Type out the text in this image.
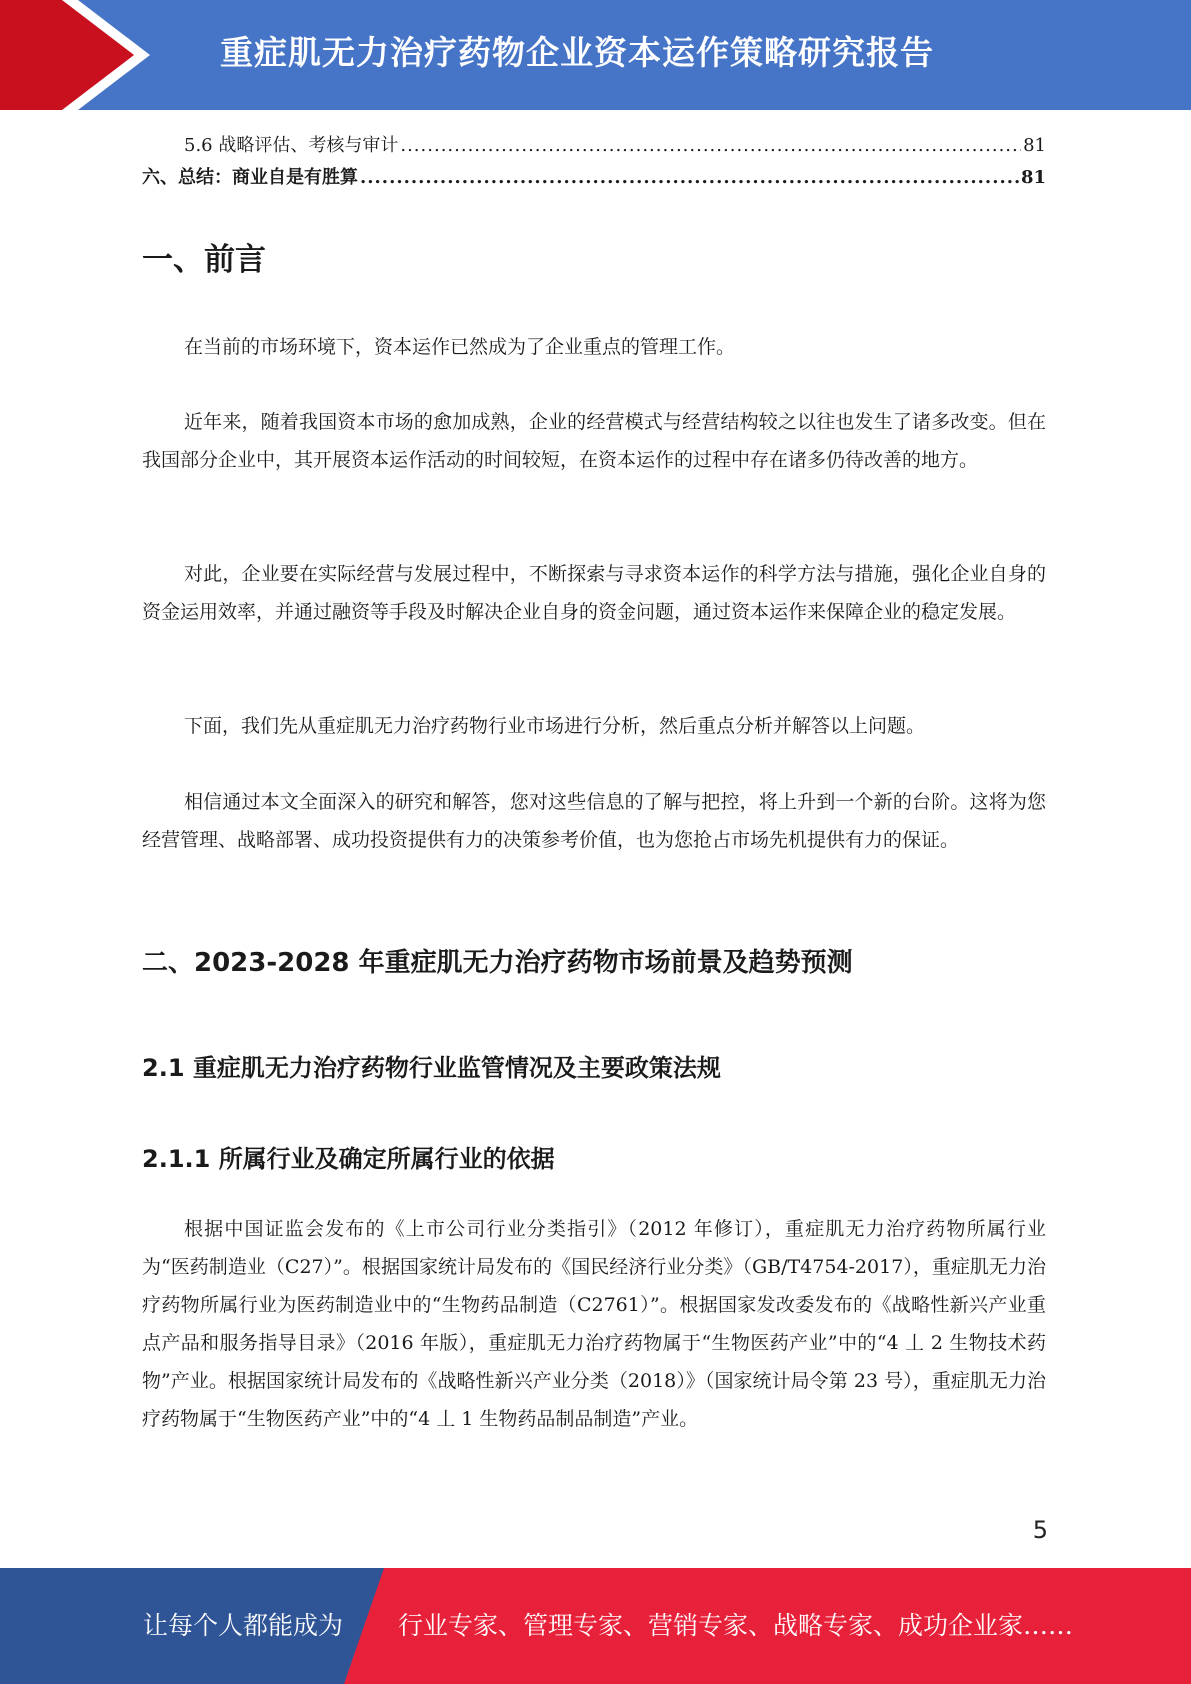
重症肌无力治疗药物企业资本运作策略研究报告
5.6 战略评估、考核与审计 .....	81
六、总结：商业自是有胜算 .....	81
一、前言

在当前的市场环境下，资本运作已然成为了企业重点的管理工作。

近年来，随着我国资本市场的愈加成熟，企业的经营模式与经营结构较之以往也发生了诸多改变。但在我国部分企业中，其开展资本运作活动的时间较短，在资本运作的过程中存在诸多仍待改善的地方。

对此，企业要在实际经营与发展过程中，不断探索与寻求资本运作的科学方法与措施，强化企业自身的资金运用效率，并通过融资等手段及时解决企业自身的资金问题，通过资本运作来保障企业的稳定发展。

下面，我们先从重症肌无力治疗药物行业市场进行分析，然后重点分析并解答以上问题。

相信通过本文全面深入的研究和解答，您对这些信息的了解与把控，将上升到一个新的台阶。这将为您经营管理、战略部署、成功投资提供有力的决策参考价值，也为您抢占市场先机提供有力的保证。

二、2023-2028 年重症肌无力治疗药物市场前景及趋势预测
2.1 重症肌无力治疗药物行业监管情况及主要政策法规
2.1.1 所属行业及确定所属行业的依据

根据中国证监会发布的《上市公司行业分类指引》（2012 年修订），重症肌无力治疗药物所属行业为“医药制造业（C27）”。根据国家统计局发布的《国民经济行业分类》（GB/T4754-2017），重症肌无力治疗药物所属行业为医药制造业中的“生物药品制造（C2761）”。根据国家发改委发布的《战略性新兴产业重点产品和服务指导目录》（2016 年版），重症肌无力治疗药物属于“生物医药产业”中的“4 丄 2 生物技术药物”产业。根据国家统计局发布的《战略性新兴产业分类（2018）》（国家统计局令第 23 号），重症肌无力治疗药物属于“生物医药产业”中的“4 丄 1 生物药品制品制造”产业。

5
让每个人都能成为 行业专家、管理专家、营销专家、战略专家、成功企业家……
